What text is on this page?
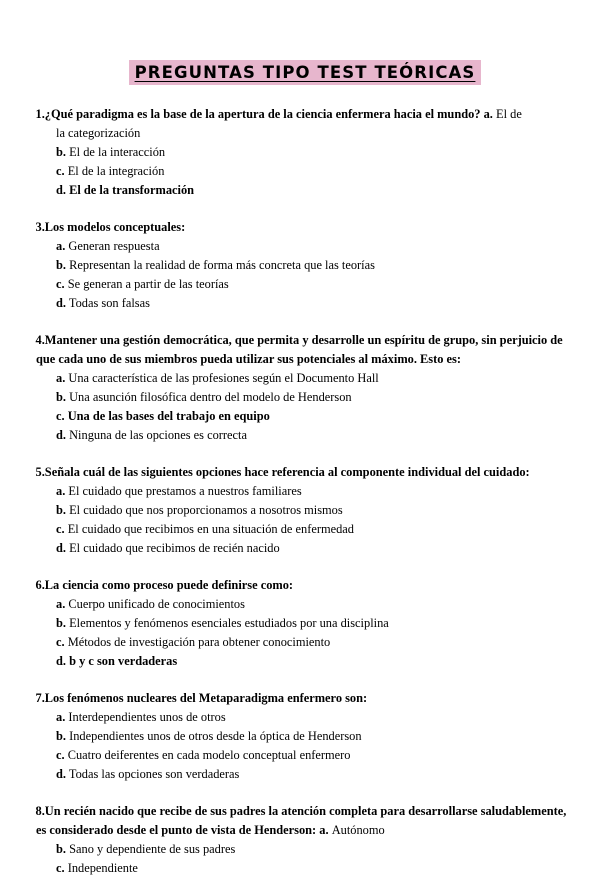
PREGUNTAS TIPO TEST TEÓRICAS

1.¿Qué paradigma es la base de la apertura de la ciencia enfermera hacia el mundo? a. El de

la categorización
b. El de la interacción
c. El de la integración
d. El de la transformación

3.Los modelos conceptuales:

a. Generan respuesta
b. Representan la realidad de forma más concreta que las teorías
c. Se generan a partir de las teorías
d. Todas son falsas

4.Mantener una gestión democrática, que permita y desarrolle un espíritu de grupo, sin perjuicio de que cada uno de sus miembros pueda utilizar sus potenciales al máximo. Esto es:

a. Una característica de las profesiones según el Documento Hall
b. Una asunción filosófica dentro del modelo de Henderson
c. Una de las bases del trabajo en equipo
d. Ninguna de las opciones es correcta

5.Señala cuál de las siguientes opciones hace referencia al componente individual del cuidado:

a. El cuidado que prestamos a nuestros familiares
b. El cuidado que nos proporcionamos a nosotros mismos
c. El cuidado que recibimos en una situación de enfermedad
d. El cuidado que recibimos de recién nacido

6.La ciencia como proceso puede definirse como:

a. Cuerpo unificado de conocimientos
b. Elementos y fenómenos esenciales estudiados por una disciplina
c. Métodos de investigación para obtener conocimiento
d. b y c son verdaderas

7.Los fenómenos nucleares del Metaparadigma enfermero son:

a. Interdependientes unos de otros
b. Independientes unos de otros desde la óptica de Henderson
c. Cuatro deiferentes en cada modelo conceptual enfermero
d. Todas las opciones son verdaderas

8.Un recién nacido que recibe de sus padres la atención completa para desarrollarse saludablemente, es considerado desde el punto de vista de Henderson: a. Autónomo

b. Sano y dependiente de sus padres
c. Independiente
